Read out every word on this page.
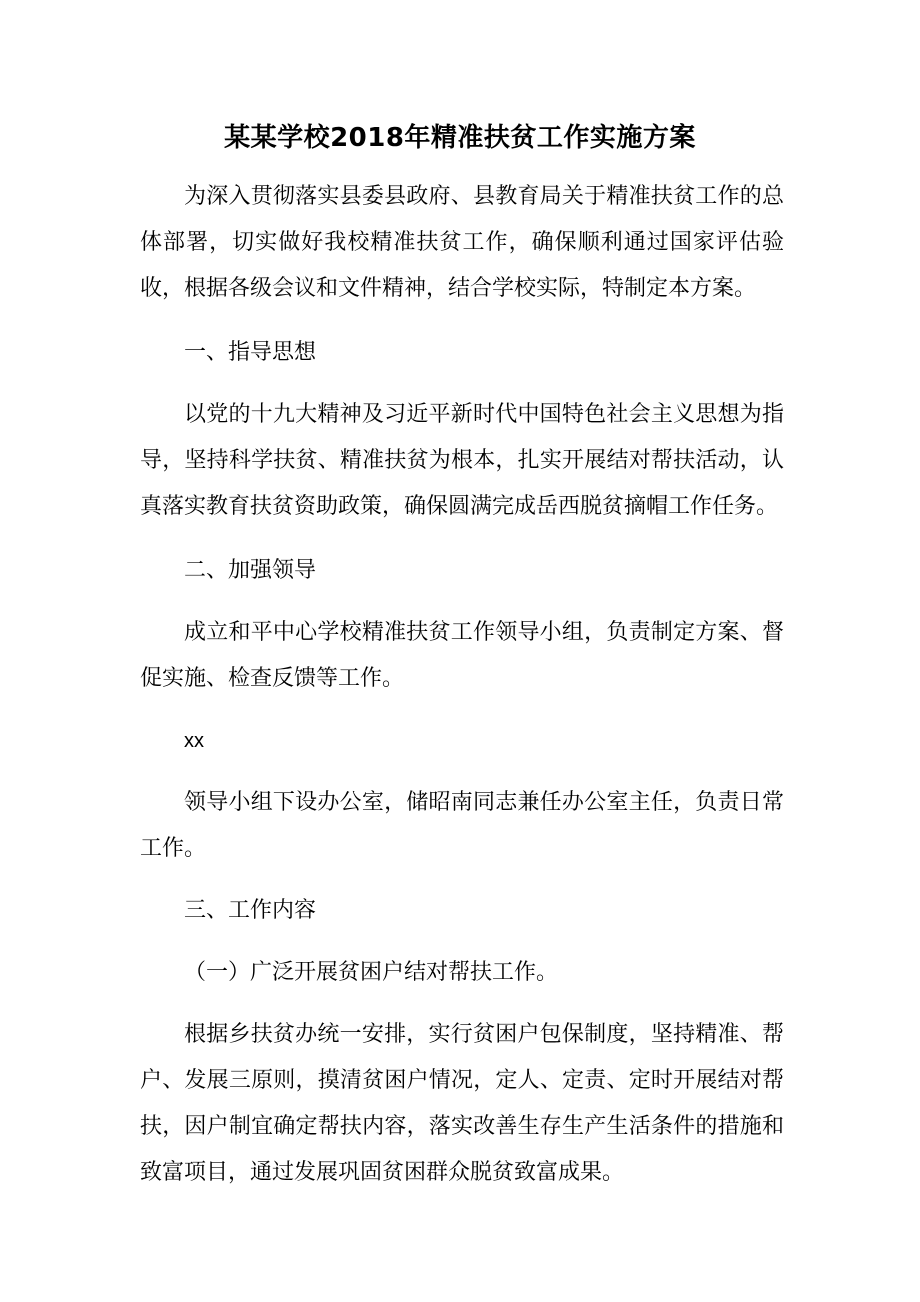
某某学校2018年精准扶贫工作实施方案

为深入贯彻落实县委县政府、县教育局关于精准扶贫工作的总体部署，切实做好我校精准扶贫工作，确保顺利通过国家评估验收，根据各级会议和文件精神，结合学校实际，特制定本方案。

一、指导思想

以党的十九大精神及习近平新时代中国特色社会主义思想为指导，坚持科学扶贫、精准扶贫为根本，扎实开展结对帮扶活动，认真落实教育扶贫资助政策，确保圆满完成岳西脱贫摘帽工作任务。

二、加强领导

成立和平中心学校精准扶贫工作领导小组，负责制定方案、督促实施、检查反馈等工作。

xx

领导小组下设办公室，储昭南同志兼任办公室主任，负责日常工作。

三、工作内容

（一）广泛开展贫困户结对帮扶工作。

根据乡扶贫办统一安排，实行贫困户包保制度，坚持精准、帮户、发展三原则，摸清贫困户情况，定人、定责、定时开展结对帮扶，因户制宜确定帮扶内容，落实改善生存生产生活条件的措施和致富项目，通过发展巩固贫困群众脱贫致富成果。
